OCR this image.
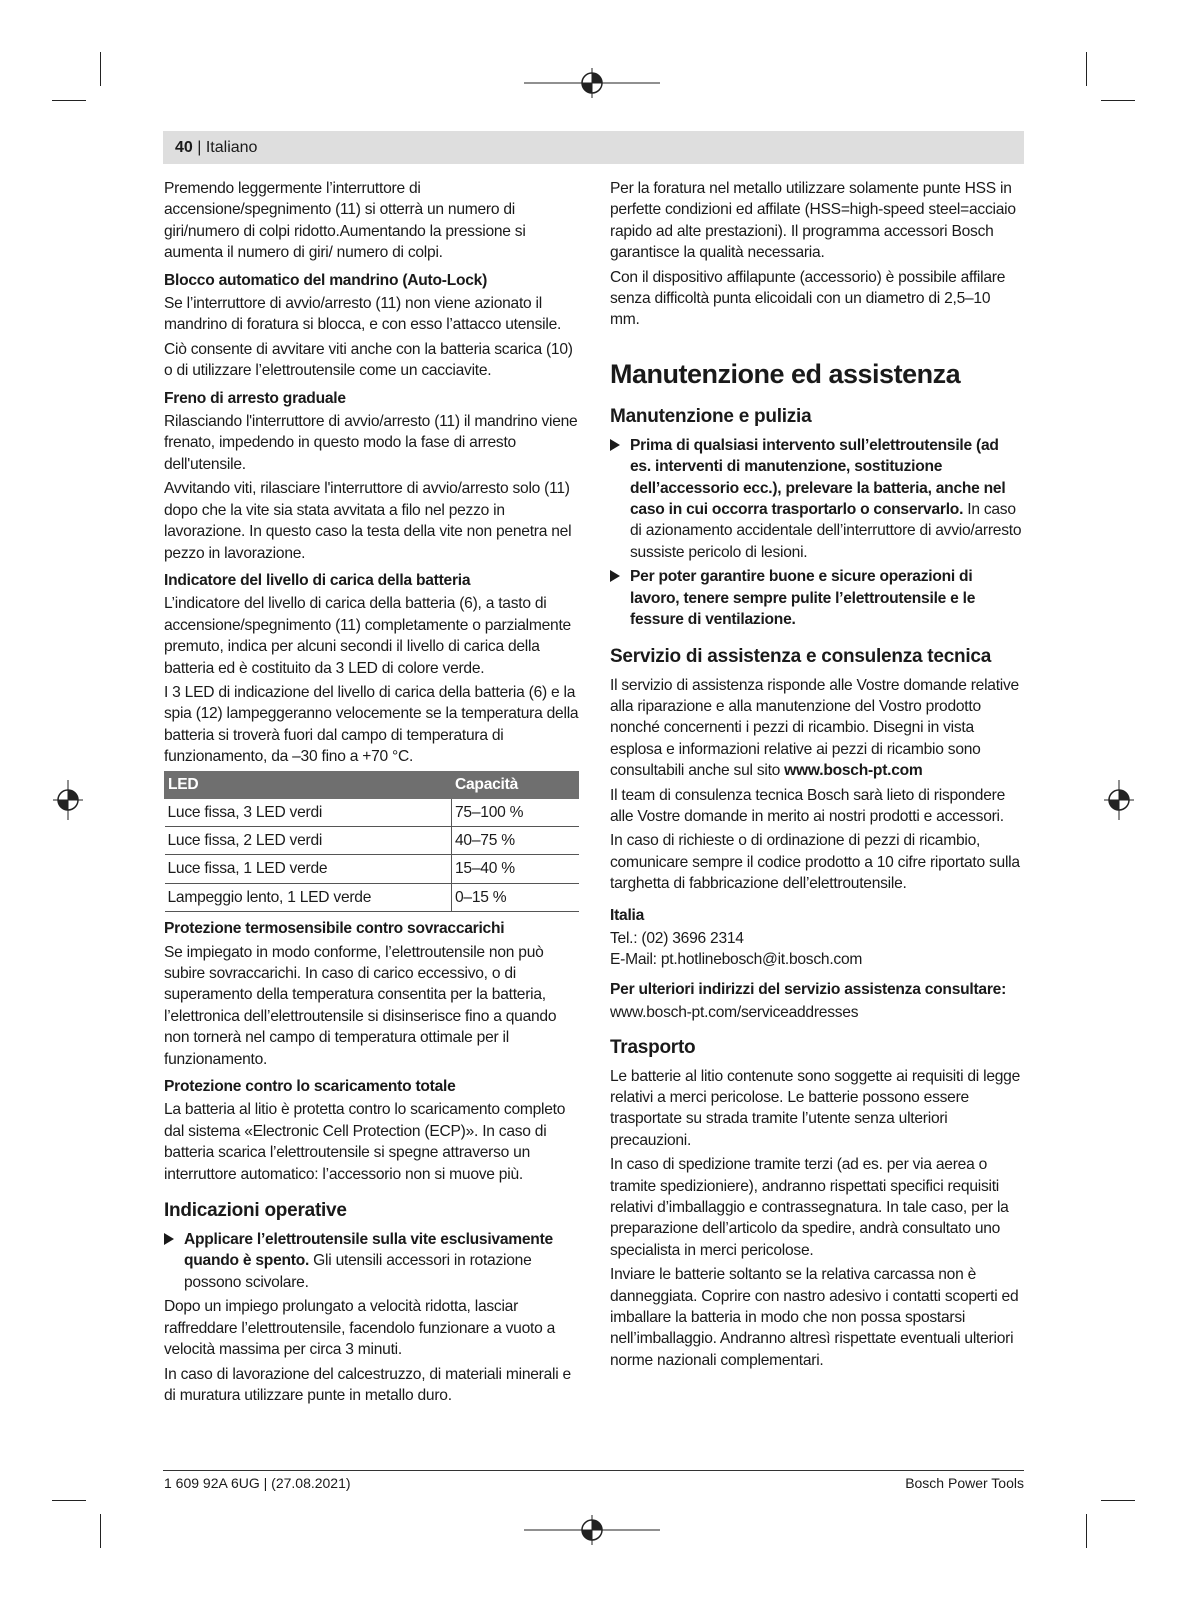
40 | Italiano

Premendo leggermente l’interruttore di accensione/spegnimento (11) si otterrà un numero di giri/numero di colpi ridotto.Aumentando la pressione si aumenta il numero di giri/ numero di colpi.

Blocco automatico del mandrino (Auto-Lock)

Se l’interruttore di avvio/arresto (11) non viene azionato il mandrino di foratura si blocca, e con esso l’attacco utensile.

Ciò consente di avvitare viti anche con la batteria scarica (10) o di utilizzare l’elettroutensile come un cacciavite.

Freno di arresto graduale

Rilasciando l'interruttore di avvio/arresto (11) il mandrino viene frenato, impedendo in questo modo la fase di arresto dell'utensile.

Avvitando viti, rilasciare l'interruttore di avvio/arresto solo (11) dopo che la vite sia stata avvitata a filo nel pezzo in lavorazione. In questo caso la testa della vite non penetra nel pezzo in lavorazione.

Indicatore del livello di carica della batteria

L’indicatore del livello di carica della batteria (6), a tasto di accensione/spegnimento (11) completamente o parzialmente premuto, indica per alcuni secondi il livello di carica della batteria ed è costituito da 3 LED di colore verde.

I 3 LED di indicazione del livello di carica della batteria (6) e la spia (12) lampeggeranno velocemente se la temperatura della batteria si troverà fuori dal campo di temperatura di funzionamento, da –30 fino a +70 °C.

LED	Capacità
Luce fissa, 3 LED verdi	75–100 %
Luce fissa, 2 LED verdi	40–75 %
Luce fissa, 1 LED verde	15–40 %
Lampeggio lento, 1 LED verde	0–15 %
Protezione termosensibile contro sovraccarichi

Se impiegato in modo conforme, l’elettroutensile non può subire sovraccarichi. In caso di carico eccessivo, o di superamento della temperatura consentita per la batteria, l’elettronica dell’elettroutensile si disinserisce fino a quando non tornerà nel campo di temperatura ottimale per il funzionamento.

Protezione contro lo scaricamento totale

La batteria al litio è protetta contro lo scaricamento completo dal sistema «Electronic Cell Protection (ECP)». In caso di batteria scarica l’elettroutensile si spegne attraverso un interruttore automatico: l’accessorio non si muove più.

Indicazioni operative

Applicare l’elettroutensile sulla vite esclusivamente quando è spento. Gli utensili accessori in rotazione possono scivolare.

Dopo un impiego prolungato a velocità ridotta, lasciar raffreddare l’elettroutensile, facendolo funzionare a vuoto a velocità massima per circa 3 minuti.

In caso di lavorazione del calcestruzzo, di materiali minerali e di muratura utilizzare punte in metallo duro.

Per la foratura nel metallo utilizzare solamente punte HSS in perfette condizioni ed affilate (HSS=high-speed steel=acciaio rapido ad alte prestazioni). Il programma accessori Bosch garantisce la qualità necessaria.

Con il dispositivo affilapunte (accessorio) è possibile affilare senza difficoltà punta elicoidali con un diametro di 2,5–10 mm.

Manutenzione ed assistenza
Manutenzione e pulizia

Prima di qualsiasi intervento sull’elettroutensile (ad es. interventi di manutenzione, sostituzione dell’accessorio ecc.), prelevare la batteria, anche nel caso in cui occorra trasportarlo o conservarlo. In caso di azionamento accidentale dell’interruttore di avvio/arresto sussiste pericolo di lesioni.

Per poter garantire buone e sicure operazioni di lavoro, tenere sempre pulite l’elettroutensile e le fessure di ventilazione.

Servizio di assistenza e consulenza tecnica

Il servizio di assistenza risponde alle Vostre domande relative alla riparazione e alla manutenzione del Vostro prodotto nonché concernenti i pezzi di ricambio. Disegni in vista esplosa e informazioni relative ai pezzi di ricambio sono consultabili anche sul sito www.bosch-pt.com

Il team di consulenza tecnica Bosch sarà lieto di rispondere alle Vostre domande in merito ai nostri prodotti e accessori.

In caso di richieste o di ordinazione di pezzi di ricambio, comunicare sempre il codice prodotto a 10 cifre riportato sulla targhetta di fabbricazione dell’elettroutensile.

Italia
Tel.: (02) 3696 2314
E-Mail: pt.hotlinebosch@it.bosch.com
Per ulteriori indirizzi del servizio assistenza consultare:
www.bosch-pt.com/serviceaddresses
Trasporto

Le batterie al litio contenute sono soggette ai requisiti di legge relativi a merci pericolose. Le batterie possono essere trasportate su strada tramite l’utente senza ulteriori precauzioni.

In caso di spedizione tramite terzi (ad es. per via aerea o tramite spedizioniere), andranno rispettati specifici requisiti relativi d’imballaggio e contrassegnatura. In tale caso, per la preparazione dell’articolo da spedire, andrà consultato uno specialista in merci pericolose.

Inviare le batterie soltanto se la relativa carcassa non è danneggiata. Coprire con nastro adesivo i contatti scoperti ed imballare la batteria in modo che non possa spostarsi nell’imballaggio. Andranno altresì rispettate eventuali ulteriori norme nazionali complementari.

1 609 92A 6UG | (27.08.2021)	Bosch Power Tools
